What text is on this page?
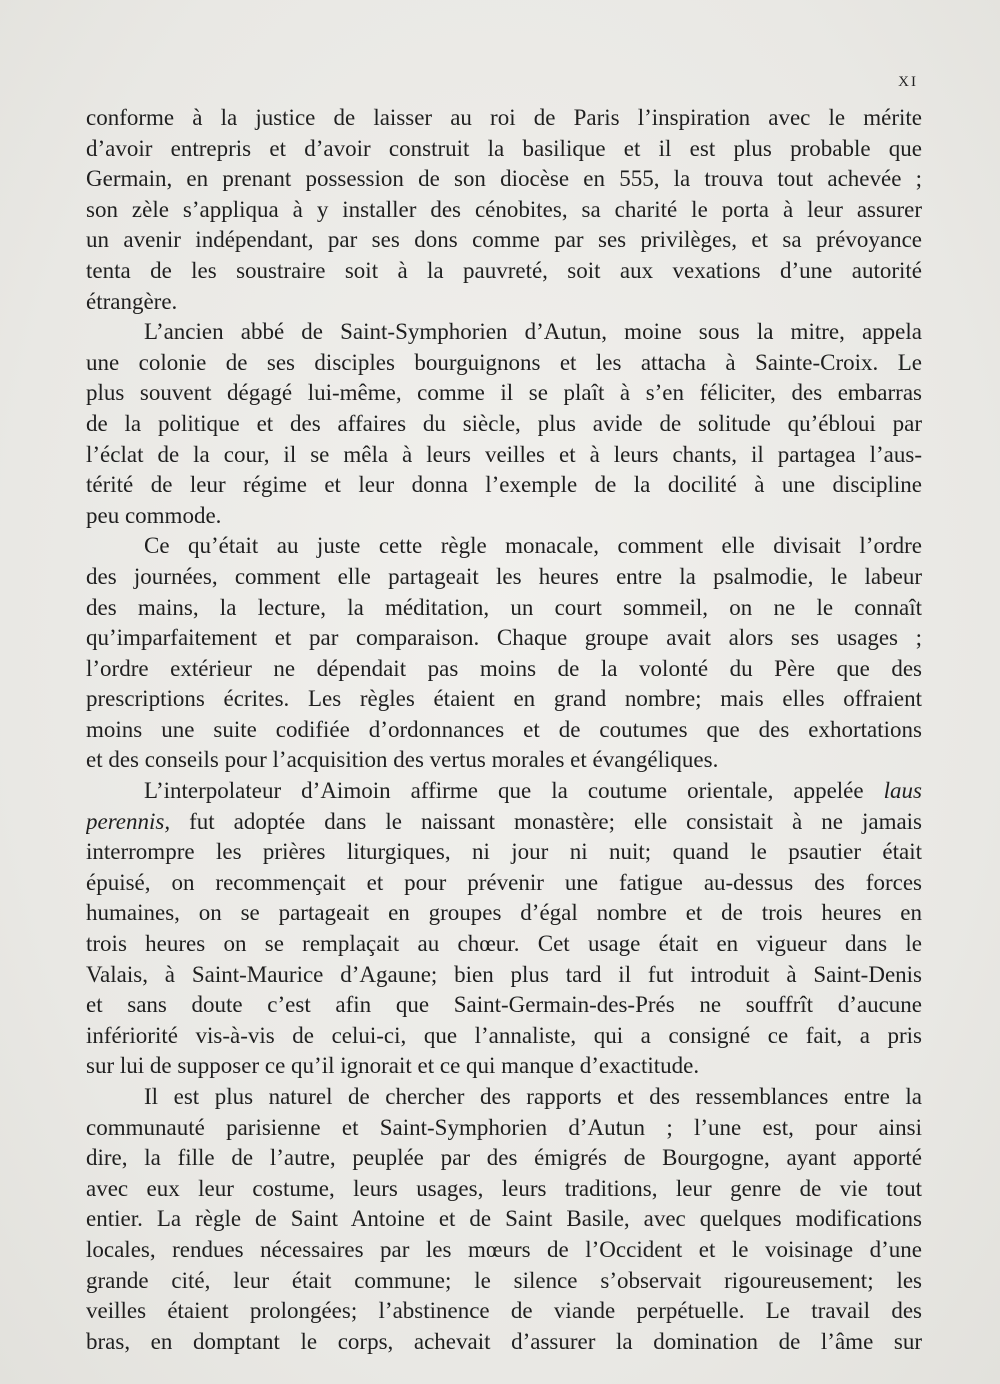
XI
conforme à la justice de laisser au roi de Paris l’inspiration avec le mérite
d’avoir entrepris et d’avoir construit la basilique et il est plus probable que
Germain, en prenant possession de son diocèse en 555, la trouva tout achevée ;
son zèle s’appliqua à y installer des cénobites, sa charité le porta à leur assurer
un avenir indépendant, par ses dons comme par ses privilèges, et sa prévoyance
tenta de les soustraire soit à la pauvreté, soit aux vexations d’une autorité
étrangère.
L’ancien abbé de Saint-Symphorien d’Autun, moine sous la mitre, appela
une colonie de ses disciples bourguignons et les attacha à Sainte-Croix. Le
plus souvent dégagé lui-même, comme il se plaît à s’en féliciter, des embarras
de la politique et des affaires du siècle, plus avide de solitude qu’ébloui par
l’éclat de la cour, il se mêla à leurs veilles et à leurs chants, il partagea l’aus-
térité de leur régime et leur donna l’exemple de la docilité à une discipline
peu commode.
Ce qu’était au juste cette règle monacale, comment elle divisait l’ordre
des journées, comment elle partageait les heures entre la psalmodie, le labeur
des mains, la lecture, la méditation, un court sommeil, on ne le connaît
qu’imparfaitement et par comparaison. Chaque groupe avait alors ses usages ;
l’ordre extérieur ne dépendait pas moins de la volonté du Père que des
prescriptions écrites. Les règles étaient en grand nombre; mais elles offraient
moins une suite codifiée d’ordonnances et de coutumes que des exhortations
et des conseils pour l’acquisition des vertus morales et évangéliques.
L’interpolateur d’Aimoin affirme que la coutume orientale, appelée laus
perennis, fut adoptée dans le naissant monastère; elle consistait à ne jamais
interrompre les prières liturgiques, ni jour ni nuit; quand le psautier était
épuisé, on recommençait et pour prévenir une fatigue au-dessus des forces
humaines, on se partageait en groupes d’égal nombre et de trois heures en
trois heures on se remplaçait au chœur. Cet usage était en vigueur dans le
Valais, à Saint-Maurice d’Agaune; bien plus tard il fut introduit à Saint-Denis
et sans doute c’est afin que Saint-Germain-des-Prés ne souffrît d’aucune
infériorité vis-à-vis de celui-ci, que l’annaliste, qui a consigné ce fait, a pris
sur lui de supposer ce qu’il ignorait et ce qui manque d’exactitude.
Il est plus naturel de chercher des rapports et des ressemblances entre la
communauté parisienne et Saint-Symphorien d’Autun ; l’une est, pour ainsi
dire, la fille de l’autre, peuplée par des émigrés de Bourgogne, ayant apporté
avec eux leur costume, leurs usages, leurs traditions, leur genre de vie tout
entier. La règle de Saint Antoine et de Saint Basile, avec quelques modifications
locales, rendues nécessaires par les mœurs de l’Occident et le voisinage d’une
grande cité, leur était commune; le silence s’observait rigoureusement; les
veilles étaient prolongées; l’abstinence de viande perpétuelle. Le travail des
bras, en domptant le corps, achevait d’assurer la domination de l’âme sur
